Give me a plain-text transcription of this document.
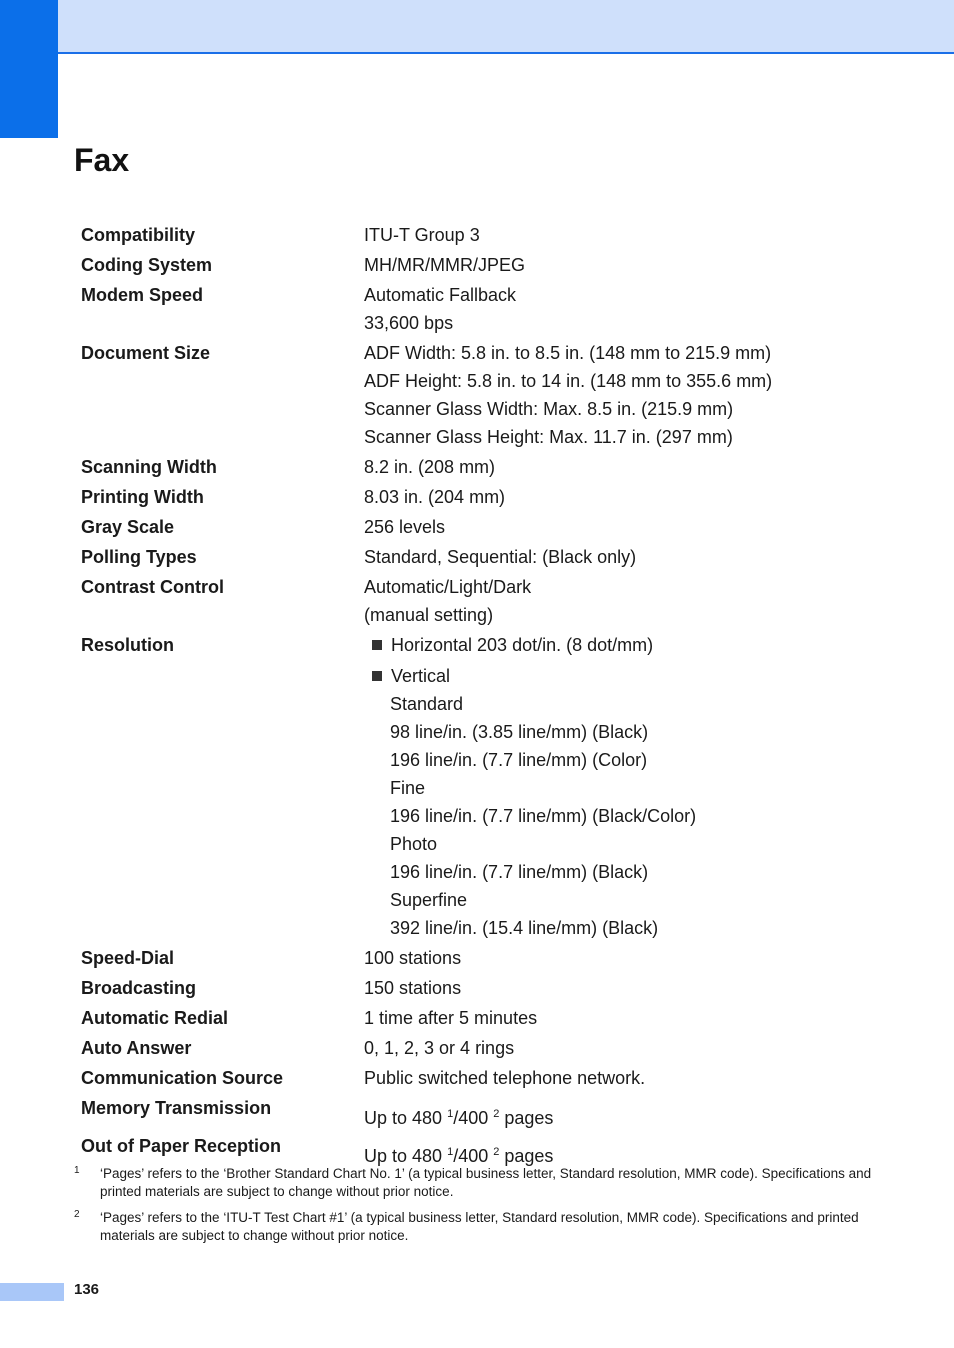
Fax
Compatibility	ITU-T Group 3
Coding System	MH/MR/MMR/JPEG
Modem Speed	Automatic Fallback
33,600 bps
Document Size	ADF Width: 5.8 in. to 8.5 in. (148 mm to 215.9 mm)
ADF Height: 5.8 in. to 14 in. (148 mm to 355.6 mm)
Scanner Glass Width: Max. 8.5 in. (215.9 mm)
Scanner Glass Height: Max. 11.7 in. (297 mm)
Scanning Width	8.2 in. (208 mm)
Printing Width	8.03 in. (204 mm)
Gray Scale	256 levels
Polling Types	Standard, Sequential: (Black only)
Contrast Control	Automatic/Light/Dark
(manual setting)
Resolution	Horizontal 203 dot/in. (8 dot/mm)
Vertical
Standard
98 line/in. (3.85 line/mm) (Black)
196 line/in. (7.7 line/mm) (Color)
Fine
196 line/in. (7.7 line/mm) (Black/Color)
Photo
196 line/in. (7.7 line/mm) (Black)
Superfine
392 line/in. (15.4 line/mm) (Black)
Speed-Dial	100 stations
Broadcasting	150 stations
Automatic Redial	1 time after 5 minutes
Auto Answer	0, 1, 2, 3 or 4 rings
Communication Source	Public switched telephone network.
Memory Transmission	Up to 480 $^1$/400 $^2$ pages
Out of Paper Reception	Up to 480 $^1$/400 $^2$ pages
1	‘Pages’ refers to the ‘Brother Standard Chart No. 1’ (a typical business letter, Standard resolution, MMR code). Specifications and printed materials are subject to change without prior notice.
2	‘Pages’ refers to the ‘ITU-T Test Chart #1’ (a typical business letter, Standard resolution, MMR code). Specifications and printed materials are subject to change without prior notice.
136
